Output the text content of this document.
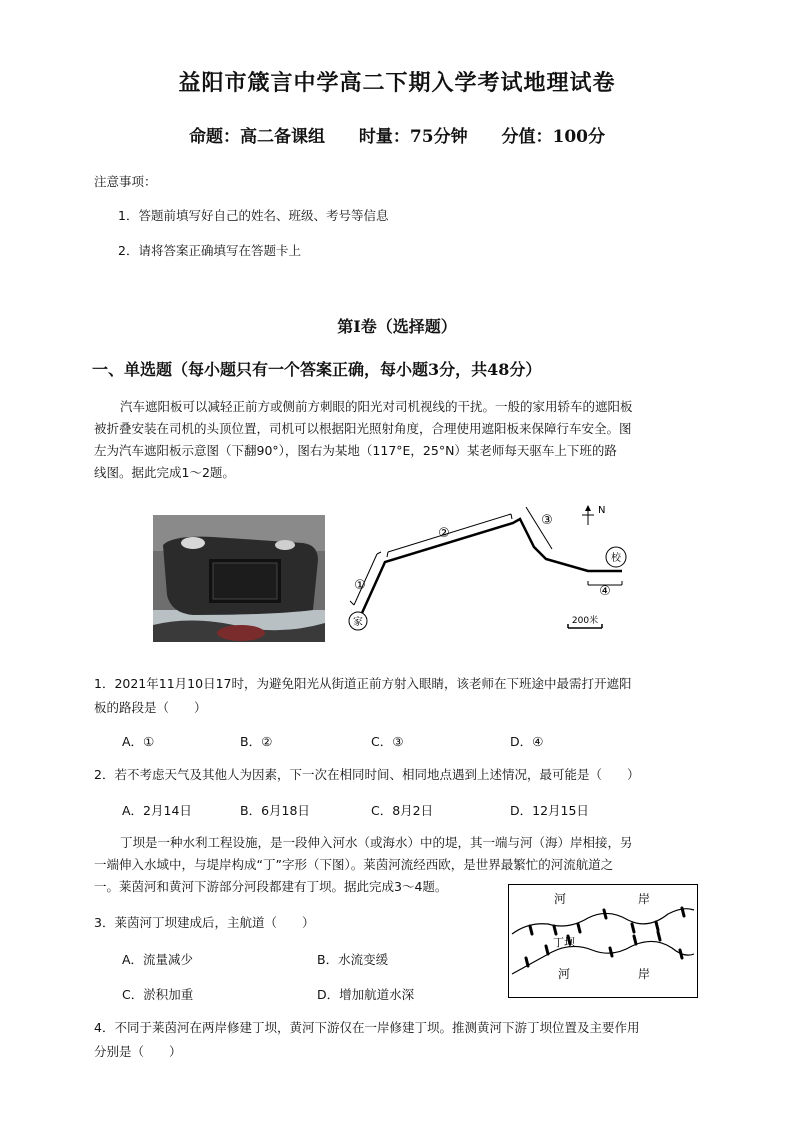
益阳市箴言中学高二下期入学考试地理试卷
命题：高二备课组 时量：75分钟 分值：100分
注意事项：
1．答题前填写好自己的姓名、班级、考号等信息
2．请将答案正确填写在答题卡上
第Ⅰ卷（选择题）
一、单选题（每小题只有一个答案正确，每小题3分，共48分）
汽车遮阳板可以减轻正前方或侧前方刺眼的阳光对司机视线的干扰。一般的家用轿车的遮阳板
被折叠安装在司机的头顶位置，司机可以根据阳光照射角度，合理使用遮阳板来保障行车安全。图
左为汽车遮阳板示意图（下翻90°），图右为某地（117°E，25°N）某老师每天驱车上下班的路
线图。据此完成1～2题。
①
②
③
④
家
校
N
200米
1．2021年11月10日17时，为避免阳光从街道正前方射入眼睛，该老师在下班途中最需打开遮阳
板的路段是（　　）
A．①	B．②	C．③	D．④
2．若不考虑天气及其他人为因素，下一次在相同时间、相同地点遇到上述情况，最可能是（　　）
A．2月14日	B．6月18日	C．8月2日	D．12月15日
丁坝是一种水利工程设施，是一段伸入河水（或海水）中的堤，其一端与河（海）岸相接，另
一端伸入水域中，与堤岸构成“丁”字形（下图）。莱茵河流经西欧，是世界最繁忙的河流航道之
一。莱茵河和黄河下游部分河段都建有丁坝。据此完成3～4题。
河	岸
丁坝
河	岸
3．莱茵河丁坝建成后，主航道（　　）
A．流量减少	B．水流变缓
C．淤积加重	D．增加航道水深
4．不同于莱茵河在两岸修建丁坝，黄河下游仅在一岸修建丁坝。推测黄河下游丁坝位置及主要作用
分别是（　　）
